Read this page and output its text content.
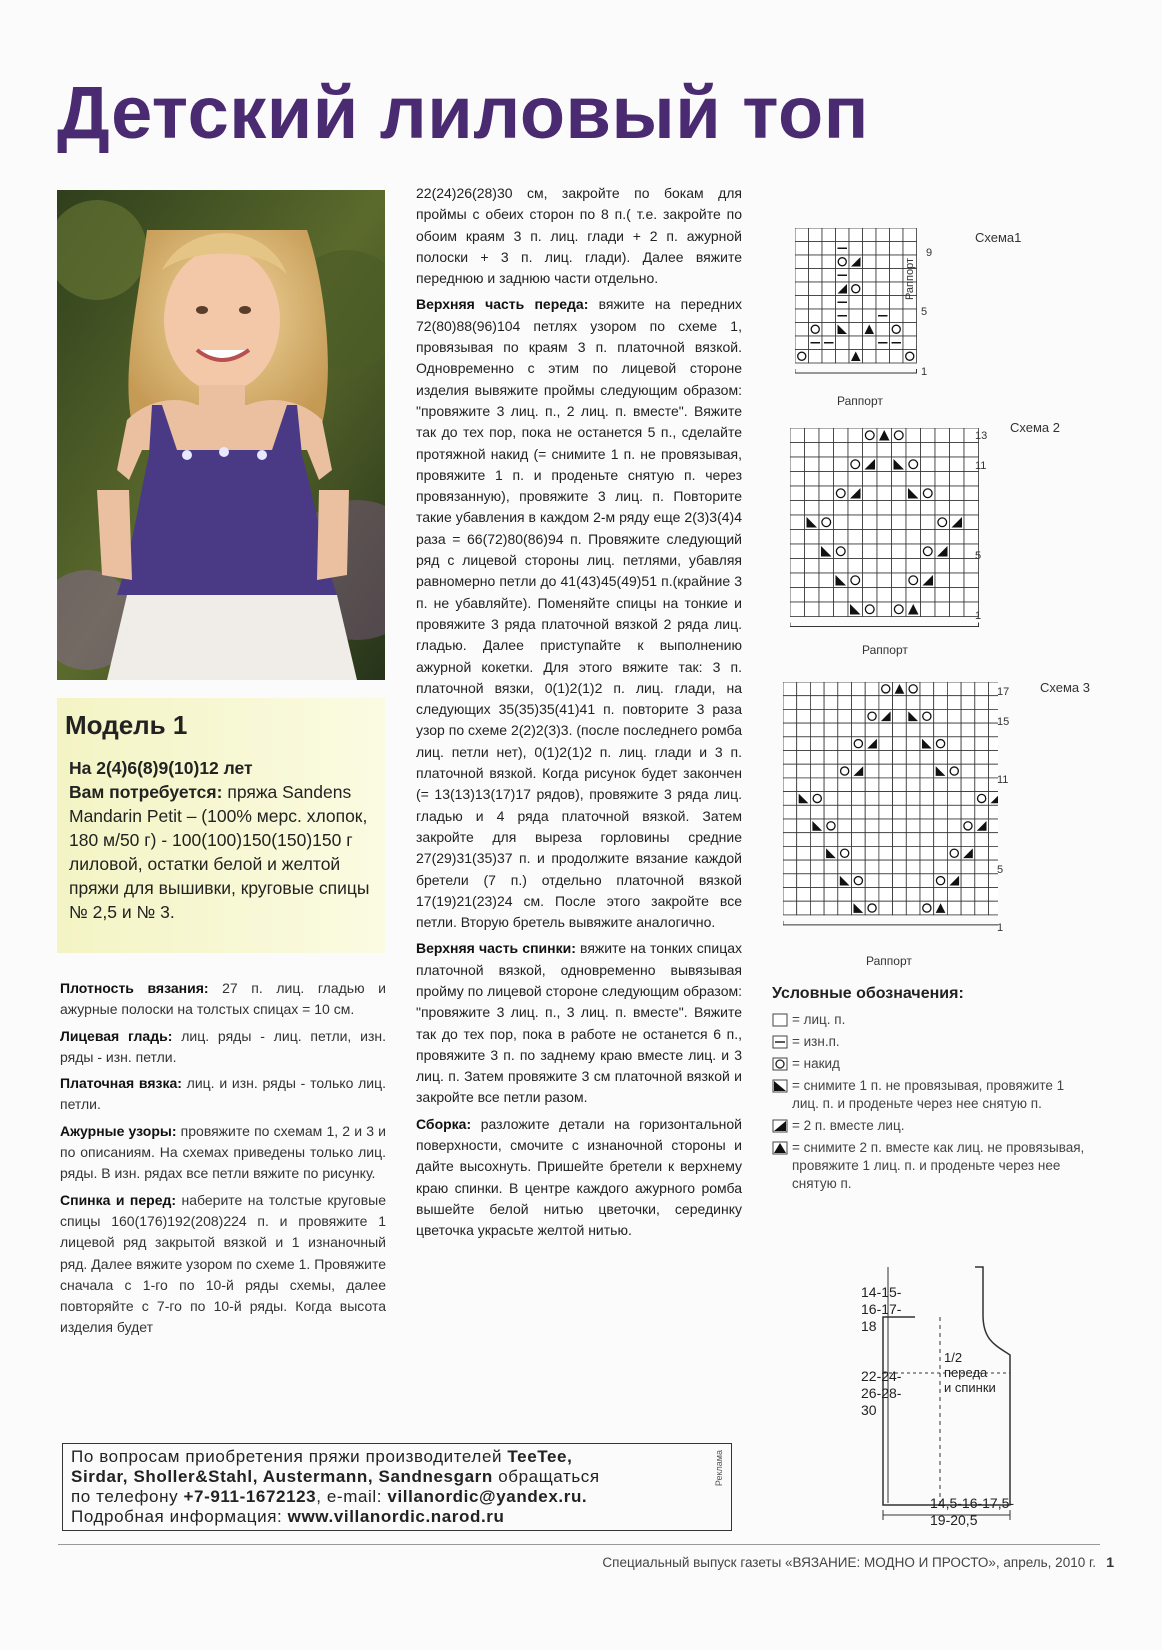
Детский лиловый топ
Модель 1
На 2(4)6(8)9(10)12 лет
Вам потребуется: пряжа Sandens Mandarin Petit – (100% мерс. хлопок, 180 м/50 г) - 100(100)150(150)150 г лиловой, остатки белой и желтой пряжи для вышивки, круговые спицы № 2,5 и № 3.

Плотность вязания: 27 п. лиц. гладью и ажурные полоски на толстых спицах = 10 см.

Лицевая гладь: лиц. ряды - лиц. петли, изн. ряды - изн. петли.

Платочная вязка: лиц. и изн. ряды - только лиц. петли.

Ажурные узоры: провяжите по схемам 1, 2 и 3 и по описаниям. На схемах приведены только лиц. ряды. В изн. рядах все петли вяжите по рисунку.

Спинка и перед: наберите на толстые круговые спицы 160(176)192(208)224 п. и провяжите 1 лицевой ряд закрытой вязкой и 1 изнаночный ряд. Далее вяжите узором по схеме 1. Провяжите сначала с 1-го по 10-й ряды схемы, далее повторяйте с 7-го по 10-й ряды. Когда высота изделия будет

22(24)26(28)30 см, закройте по бокам для проймы с обеих сторон по 8 п.( т.е. закройте по обоим краям 3 п. лиц. глади + 2 п. ажурной полоски + 3 п. лиц. глади). Далее вяжите переднюю и заднюю части отдельно.

Верхняя часть переда: вяжите на передних 72(80)88(96)104 петлях узором по схеме 1, провязывая по краям 3 п. платочной вязкой. Одновременно с этим по лицевой стороне изделия вывяжите проймы следующим образом: "провяжите 3 лиц. п., 2 лиц. п. вместе". Вяжите так до тех пор, пока не останется 5 п., сделайте протяжной накид (= снимите 1 п. не провязывая, провяжите 1 п. и проденьте снятую п. через провязанную), провяжите 3 лиц. п. Повторите такие убавления в каждом 2-м ряду еще 2(3)3(4)4 раза = 66(72)80(86)94 п. Провяжите следующий ряд с лицевой стороны лиц. петлями, убавляя равномерно петли до 41(43)45(49)51 п.(крайние 3 п. не убавляйте). Поменяйте спицы на тонкие и провяжите 3 ряда платочной вязкой 2 ряда лиц. гладью. Далее приступайте к выполнению ажурной кокетки. Для этого вяжите так: 3 п. платочной вязки, 0(1)2(1)2 п. лиц. глади, на следующих 35(35)35(41)41 п. повторите 3 раза узор по схеме 2(2)2(3)3. (после последнего ромба лиц. петли нет), 0(1)2(1)2 п. лиц. глади и 3 п. платочной вязкой. Когда рисунок будет закончен (= 13(13)13(17)17 рядов), провяжите 3 ряда лиц. гладью и 4 ряда платочной вязкой. Затем закройте для выреза горловины средние 27(29)31(35)37 п. и продолжите вязание каждой бретели (7 п.) отдельно платочной вязкой 17(19)21(23)24 см. После этого закройте все петли. Вторую бретель вывяжите аналогично.

Верхняя часть спинки: вяжите на тонких спицах платочной вязкой, одновременно вывязывая пройму по лицевой стороне следующим образом: "провяжите 3 лиц. п., 3 лиц. п. вместе". Вяжите так до тех пор, пока в работе не останется 6 п., провяжите 3 п. по заднему краю вместе лиц. и 3 лиц. п. Затем провяжите 3 см платочной вязкой и закройте все петли разом.

Сборка: разложите детали на горизонтальной поверхности, смочите с изнаночной стороны и дайте высохнуть. Пришейте бретели к верхнему краю спинки. В центре каждого ажурного ромба вышейте белой нитью цветочки, серединку цветочка украсьте желтой нитью.

Раппорт
Схема1
9
5
1
Раппорт
Схема 2
13
11
5
1
Раппорт
Схема 3
17
15
11
5
1
Раппорт
Условные обозначения:
= лиц. п.
= изн.п.
= накид
= снимите 1 п. не провязывая, провяжите 1 лиц. п. и проденьте через нее снятую п.
= 2 п. вместе лиц.
= снимите 2 п. вместе как лиц. не провязывая, провяжите 1 лиц. п. и проденьте через нее снятую п.
14-15-
16-17-
18
22-24-
26-28-
30
1/2
переда
и спинки
14,5-16-17,5-
19-20,5
По вопросам приобретения пряжи производителей TeeTee,
Sirdar, Sholler&Stahl, Austermann, Sandnesgarn обращаться
по телефону +7-911-1672123, e-mail: villanordic@yandex.ru.
Подробная информация: www.villanordic.narod.ru
Реклама
Специальный выпуск газеты «ВЯЗАНИЕ: МОДНО И ПРОСТО», апрель, 2010 г. 1
